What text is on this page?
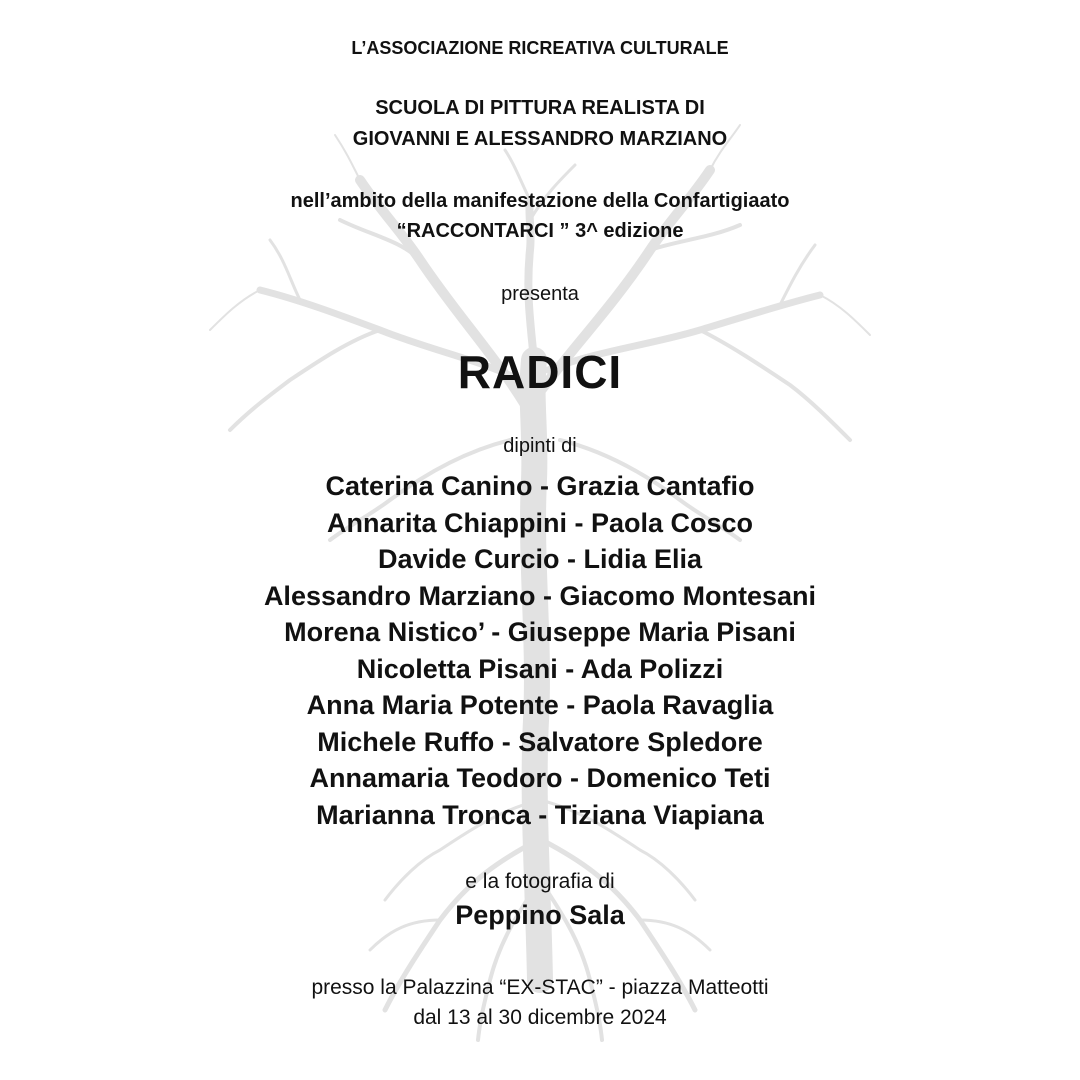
L’ASSOCIAZIONE RICREATIVA CULTURALE
SCUOLA DI PITTURA REALISTA DI
GIOVANNI E ALESSANDRO MARZIANO
nell’ambito della manifestazione della Confartigiaato
“RACCONTARCI ” 3^ edizione
presenta
RADICI
dipinti di
Caterina Canino - Grazia Cantafio
Annarita Chiappini - Paola Cosco
Davide Curcio - Lidia Elia
Alessandro Marziano - Giacomo Montesani
Morena Nistico’ - Giuseppe Maria Pisani
Nicoletta Pisani - Ada Polizzi
Anna Maria Potente - Paola Ravaglia
Michele Ruffo - Salvatore Spledore
Annamaria Teodoro - Domenico Teti
Marianna Tronca - Tiziana Viapiana
e la fotografia di
Peppino Sala
presso la Palazzina “EX-STAC” - piazza Matteotti
dal 13 al 30 dicembre 2024
